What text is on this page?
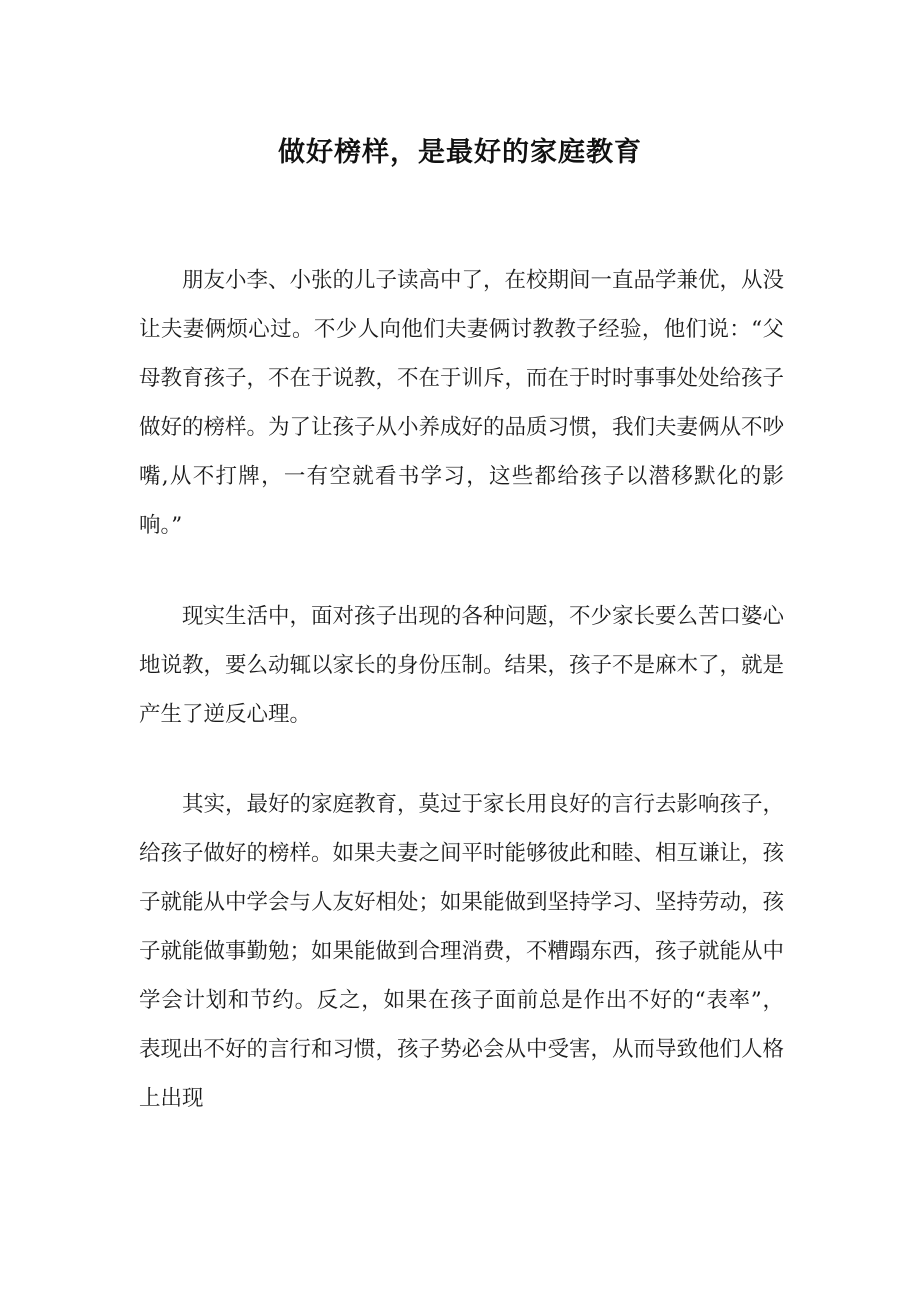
做好榜样，是最好的家庭教育

朋友小李、小张的儿子读高中了，在校期间一直品学兼优，从没让夫妻俩烦心过。不少人向他们夫妻俩讨教教子经验，他们说：“父母教育孩子，不在于说教，不在于训斥，而在于时时事事处处给孩子做好的榜样。为了让孩子从小养成好的品质习惯，我们夫妻俩从不吵嘴,从不打牌，一有空就看书学习，这些都给孩子以潜移默化的影响。”

现实生活中，面对孩子出现的各种问题，不少家长要么苦口婆心地说教，要么动辄以家长的身份压制。结果，孩子不是麻木了，就是产生了逆反心理。

其实，最好的家庭教育，莫过于家长用良好的言行去影响孩子，给孩子做好的榜样。如果夫妻之间平时能够彼此和睦、相互谦让，孩子就能从中学会与人友好相处；如果能做到坚持学习、坚持劳动，孩子就能做事勤勉；如果能做到合理消费，不糟蹋东西，孩子就能从中学会计划和节约。反之，如果在孩子面前总是作出不好的“表率”，表现出不好的言行和习惯，孩子势必会从中受害，从而导致他们人格上出现
